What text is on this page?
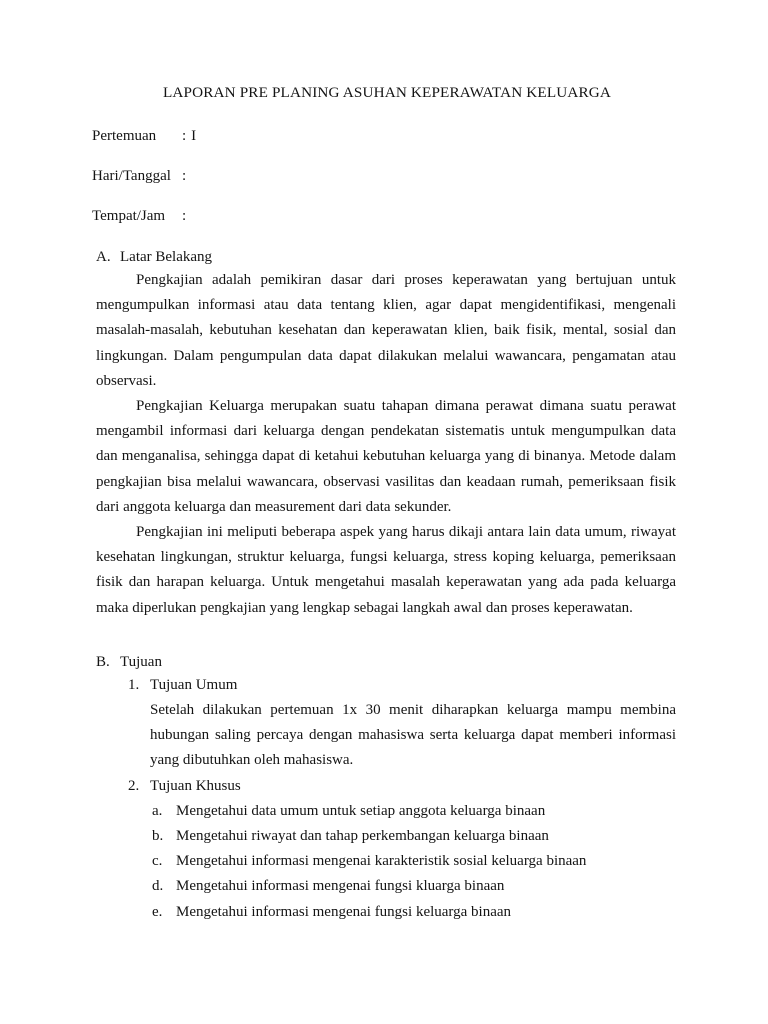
LAPORAN PRE PLANING ASUHAN KEPERAWATAN KELUARGA
Pertemuan	: I
Hari/Tanggal :
Tempat/Jam	:
A. Latar Belakang

Pengkajian adalah pemikiran dasar dari proses keperawatan yang bertujuan untuk mengumpulkan informasi atau data tentang klien, agar dapat mengidentifikasi, mengenali masalah-masalah, kebutuhan kesehatan dan keperawatan klien, baik fisik, mental, sosial dan lingkungan. Dalam pengumpulan data dapat dilakukan melalui wawancara, pengamatan atau observasi.

Pengkajian Keluarga merupakan suatu tahapan dimana perawat dimana suatu perawat mengambil informasi dari keluarga dengan pendekatan sistematis untuk mengumpulkan data dan menganalisa, sehingga dapat di ketahui kebutuhan keluarga yang di binanya. Metode dalam pengkajian bisa melalui wawancara, observasi vasilitas dan keadaan rumah, pemeriksaan fisik dari anggota keluarga dan measurement dari data sekunder.

Pengkajian ini meliputi beberapa aspek yang harus dikaji antara lain data umum, riwayat kesehatan lingkungan, struktur keluarga, fungsi keluarga, stress koping keluarga, pemeriksaan fisik dan harapan keluarga. Untuk mengetahui masalah keperawatan yang ada pada keluarga maka diperlukan pengkajian yang lengkap sebagai langkah awal dan proses keperawatan.

B. Tujuan
1. Tujuan Umum

Setelah dilakukan pertemuan 1x 30 menit diharapkan keluarga mampu membina hubungan saling percaya dengan mahasiswa serta keluarga dapat memberi informasi yang dibutuhkan oleh mahasiswa.

2. Tujuan Khusus
a. Mengetahui data umum untuk setiap anggota keluarga binaan
b. Mengetahui riwayat dan tahap perkembangan keluarga binaan
c. Mengetahui informasi mengenai karakteristik sosial keluarga binaan
d. Mengetahui informasi mengenai fungsi kluarga binaan
e. Mengetahui informasi mengenai fungsi keluarga binaan
